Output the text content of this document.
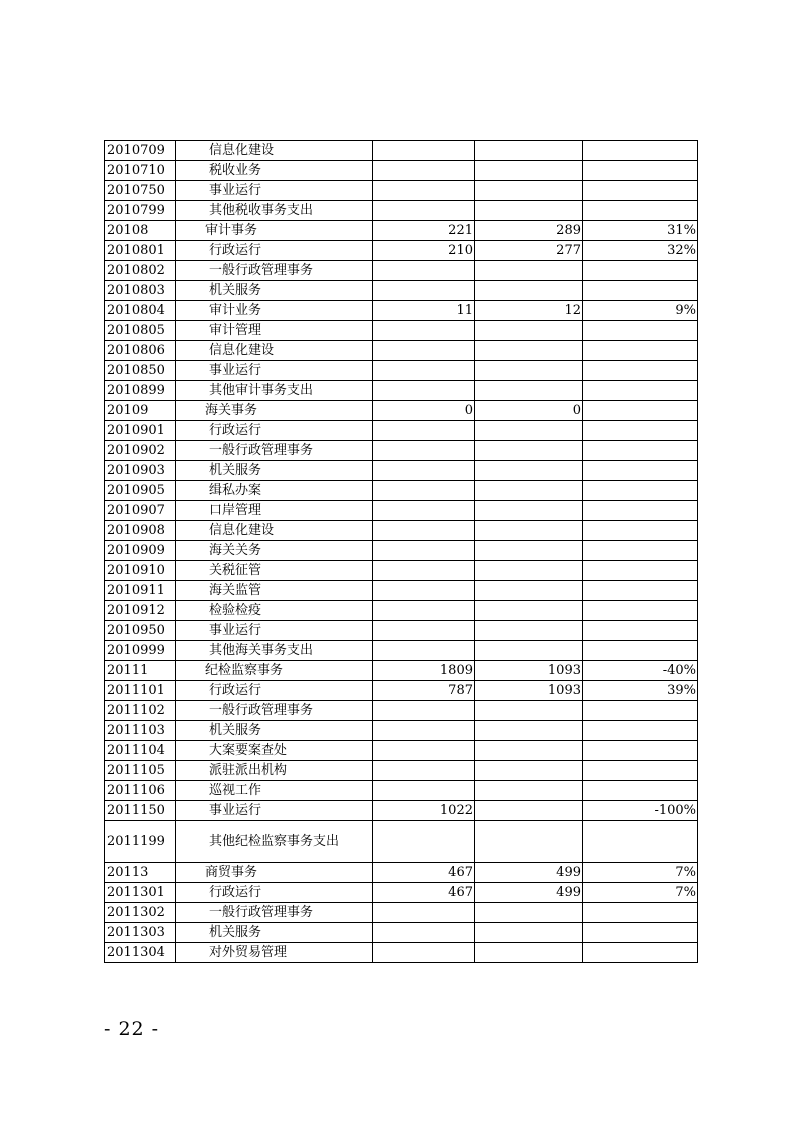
2010709	信息化建设			
2010710	税收业务			
2010750	事业运行			
2010799	其他税收事务支出			
20108	审计事务	221	289	31%
2010801	行政运行	210	277	32%
2010802	一般行政管理事务			
2010803	机关服务			
2010804	审计业务	11	12	9%
2010805	审计管理			
2010806	信息化建设			
2010850	事业运行			
2010899	其他审计事务支出			
20109	海关事务	0	0	
2010901	行政运行			
2010902	一般行政管理事务			
2010903	机关服务			
2010905	缉私办案			
2010907	口岸管理			
2010908	信息化建设			
2010909	海关关务			
2010910	关税征管			
2010911	海关监管			
2010912	检验检疫			
2010950	事业运行			
2010999	其他海关事务支出			
20111	纪检监察事务	1809	1093	-40%
2011101	行政运行	787	1093	39%
2011102	一般行政管理事务			
2011103	机关服务			
2011104	大案要案查处			
2011105	派驻派出机构			
2011106	巡视工作			
2011150	事业运行	1022		-100%
2011199	其他纪检监察事务支出			
20113	商贸事务	467	499	7%
2011301	行政运行	467	499	7%
2011302	一般行政管理事务			
2011303	机关服务			
2011304	对外贸易管理			
- 22 -
